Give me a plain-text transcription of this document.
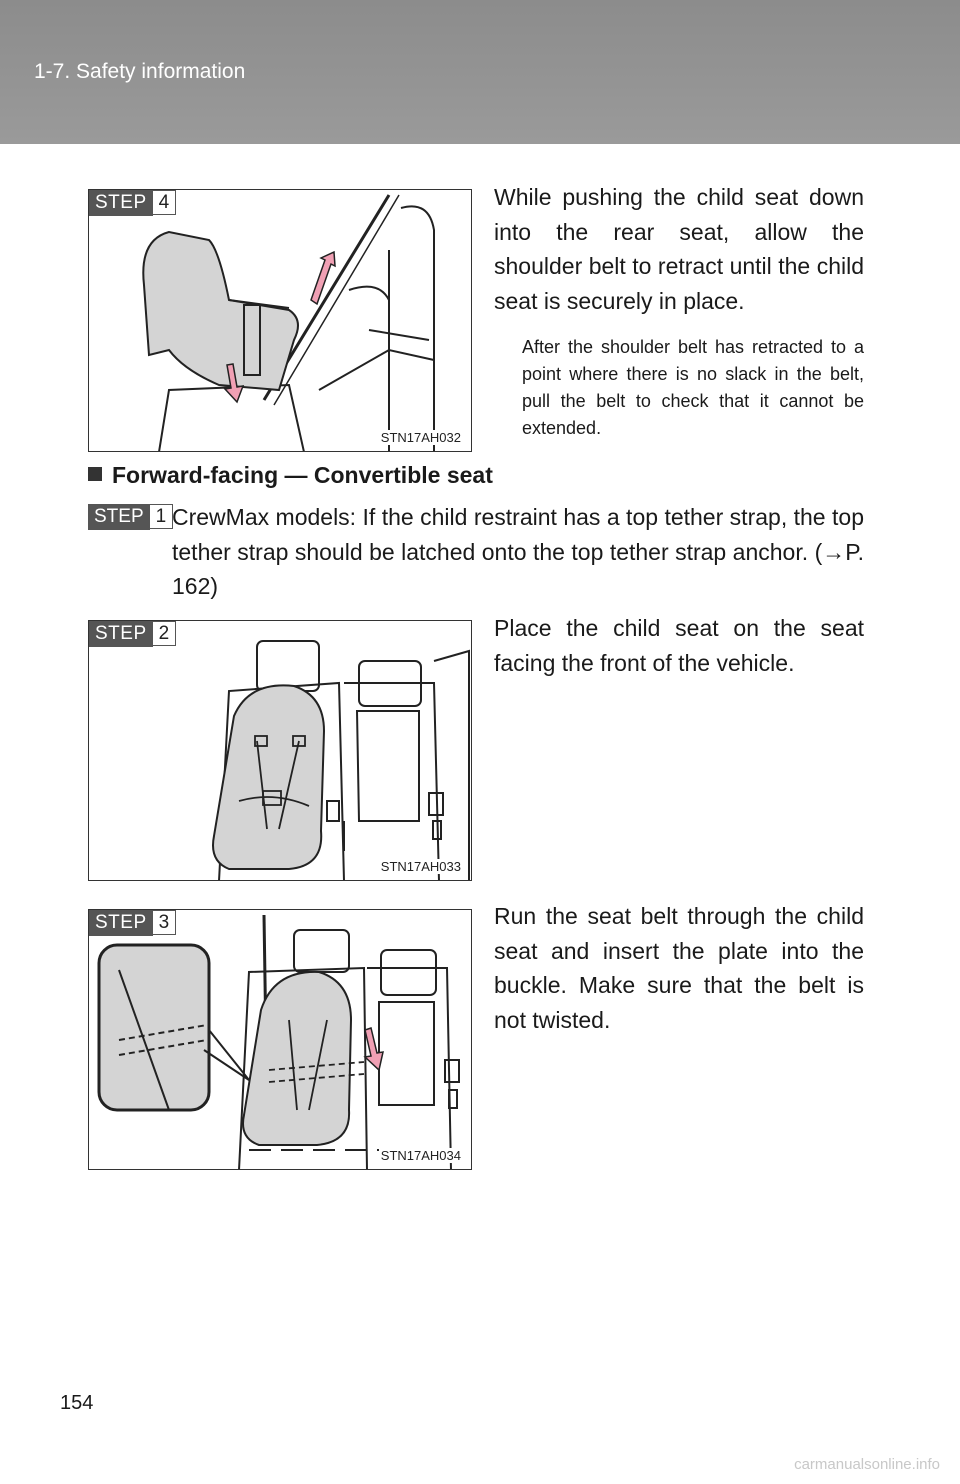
1-7. Safety information
STEP 4
STN17AH032
While pushing the child seat down into the rear seat, allow the shoulder belt to retract until the child seat is securely in place.
After the shoulder belt has retracted to a point where there is no slack in the belt, pull the belt to check that it cannot be extended.
Forward-facing — Convertible seat
STEP 1 CrewMax models: If the child restraint has a top tether strap, the top tether strap should be latched onto the top tether strap anchor. (→P. 162)
STEP 2
STN17AH033
Place the child seat on the seat facing the front of the vehicle.
STEP 3
STN17AH034
Run the seat belt through the child seat and insert the plate into the buckle. Make sure that the belt is not twisted.
154
carmanualsonline.info
